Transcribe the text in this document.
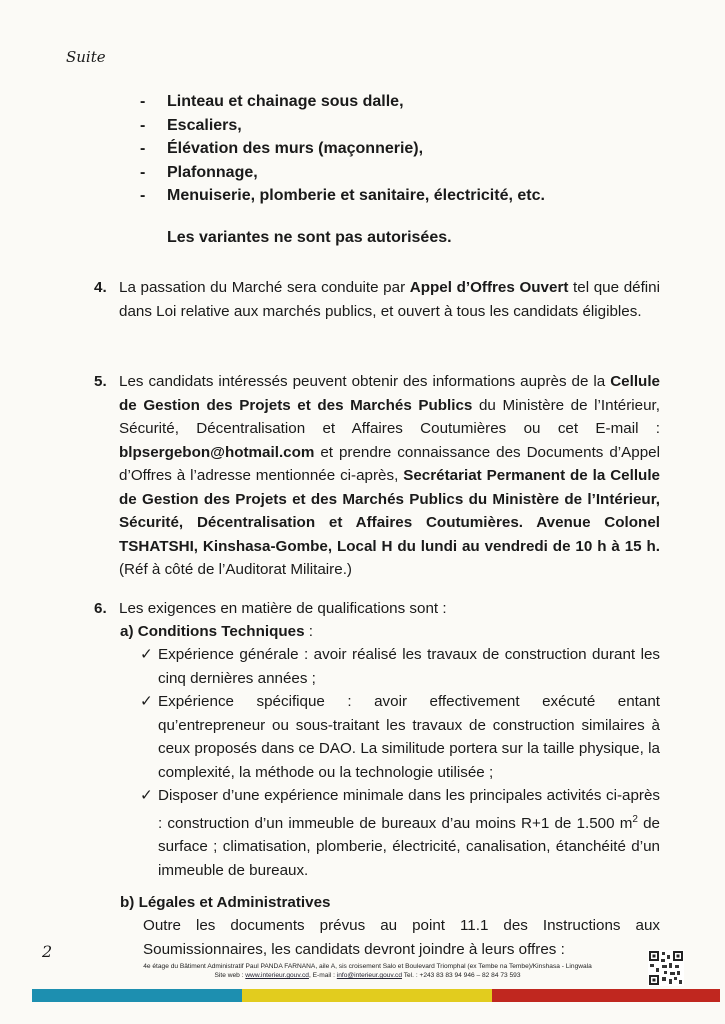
Suite
- Linteau et chainage sous dalle,
- Escaliers,
- Élévation des murs (maçonnerie),
- Plafonnage,
- Menuiserie, plomberie et sanitaire, électricité, etc.
Les variantes ne sont pas autorisées.
4. La passation du Marché sera conduite par Appel d’Offres Ouvert tel que défini dans Loi relative aux marchés publics, et ouvert à tous les candidats éligibles.
5. Les candidats intéressés peuvent obtenir des informations auprès de la Cellule de Gestion des Projets et des Marchés Publics du Ministère de l’Intérieur, Sécurité, Décentralisation et Affaires Coutumières ou cet E-mail : blpsergebon@hotmail.com et prendre connaissance des Documents d’Appel d’Offres à l’adresse mentionnée ci-après, Secrétariat Permanent de la Cellule de Gestion des Projets et des Marchés Publics du Ministère de l’Intérieur, Sécurité, Décentralisation et Affaires Coutumières. Avenue Colonel TSHATSHI, Kinshasa-Gombe, Local H du lundi au vendredi de 10 h à 15 h. (Réf à côté de l’Auditorat Militaire.)
6. Les exigences en matière de qualifications sont :
a) Conditions Techniques :
✓ Expérience générale : avoir réalisé les travaux de construction durant les cinq dernières années ;
✓ Expérience spécifique : avoir effectivement exécuté entant qu’entrepreneur ou sous-traitant les travaux de construction similaires à ceux proposés dans ce DAO. La similitude portera sur la taille physique, la complexité, la méthode ou la technologie utilisée ;
✓ Disposer d’une expérience minimale dans les principales activités ci-après : construction d’un immeuble de bureaux d’au moins R+1 de 1.500 $m^2$ de surface ; climatisation, plomberie, électricité, canalisation, étanchéité d’un immeuble de bureaux.
b) Légales et Administratives
Outre les documents prévus au point 11.1 des Instructions aux Soumissionnaires, les candidats devront joindre à leurs offres :
2
4e étage du Bâtiment Administratif Paul PANDA FARNANA, aile A, sis croisement Salo et Boulevard Triomphal (ex Tembe na Tembe)/Kinshasa - Lingwala
Site web : www.interieur.gouv.cd, E-mail : info@interieur.gouv.cd Tel. : +243 83 83 94 946 – 82 84 73 593
